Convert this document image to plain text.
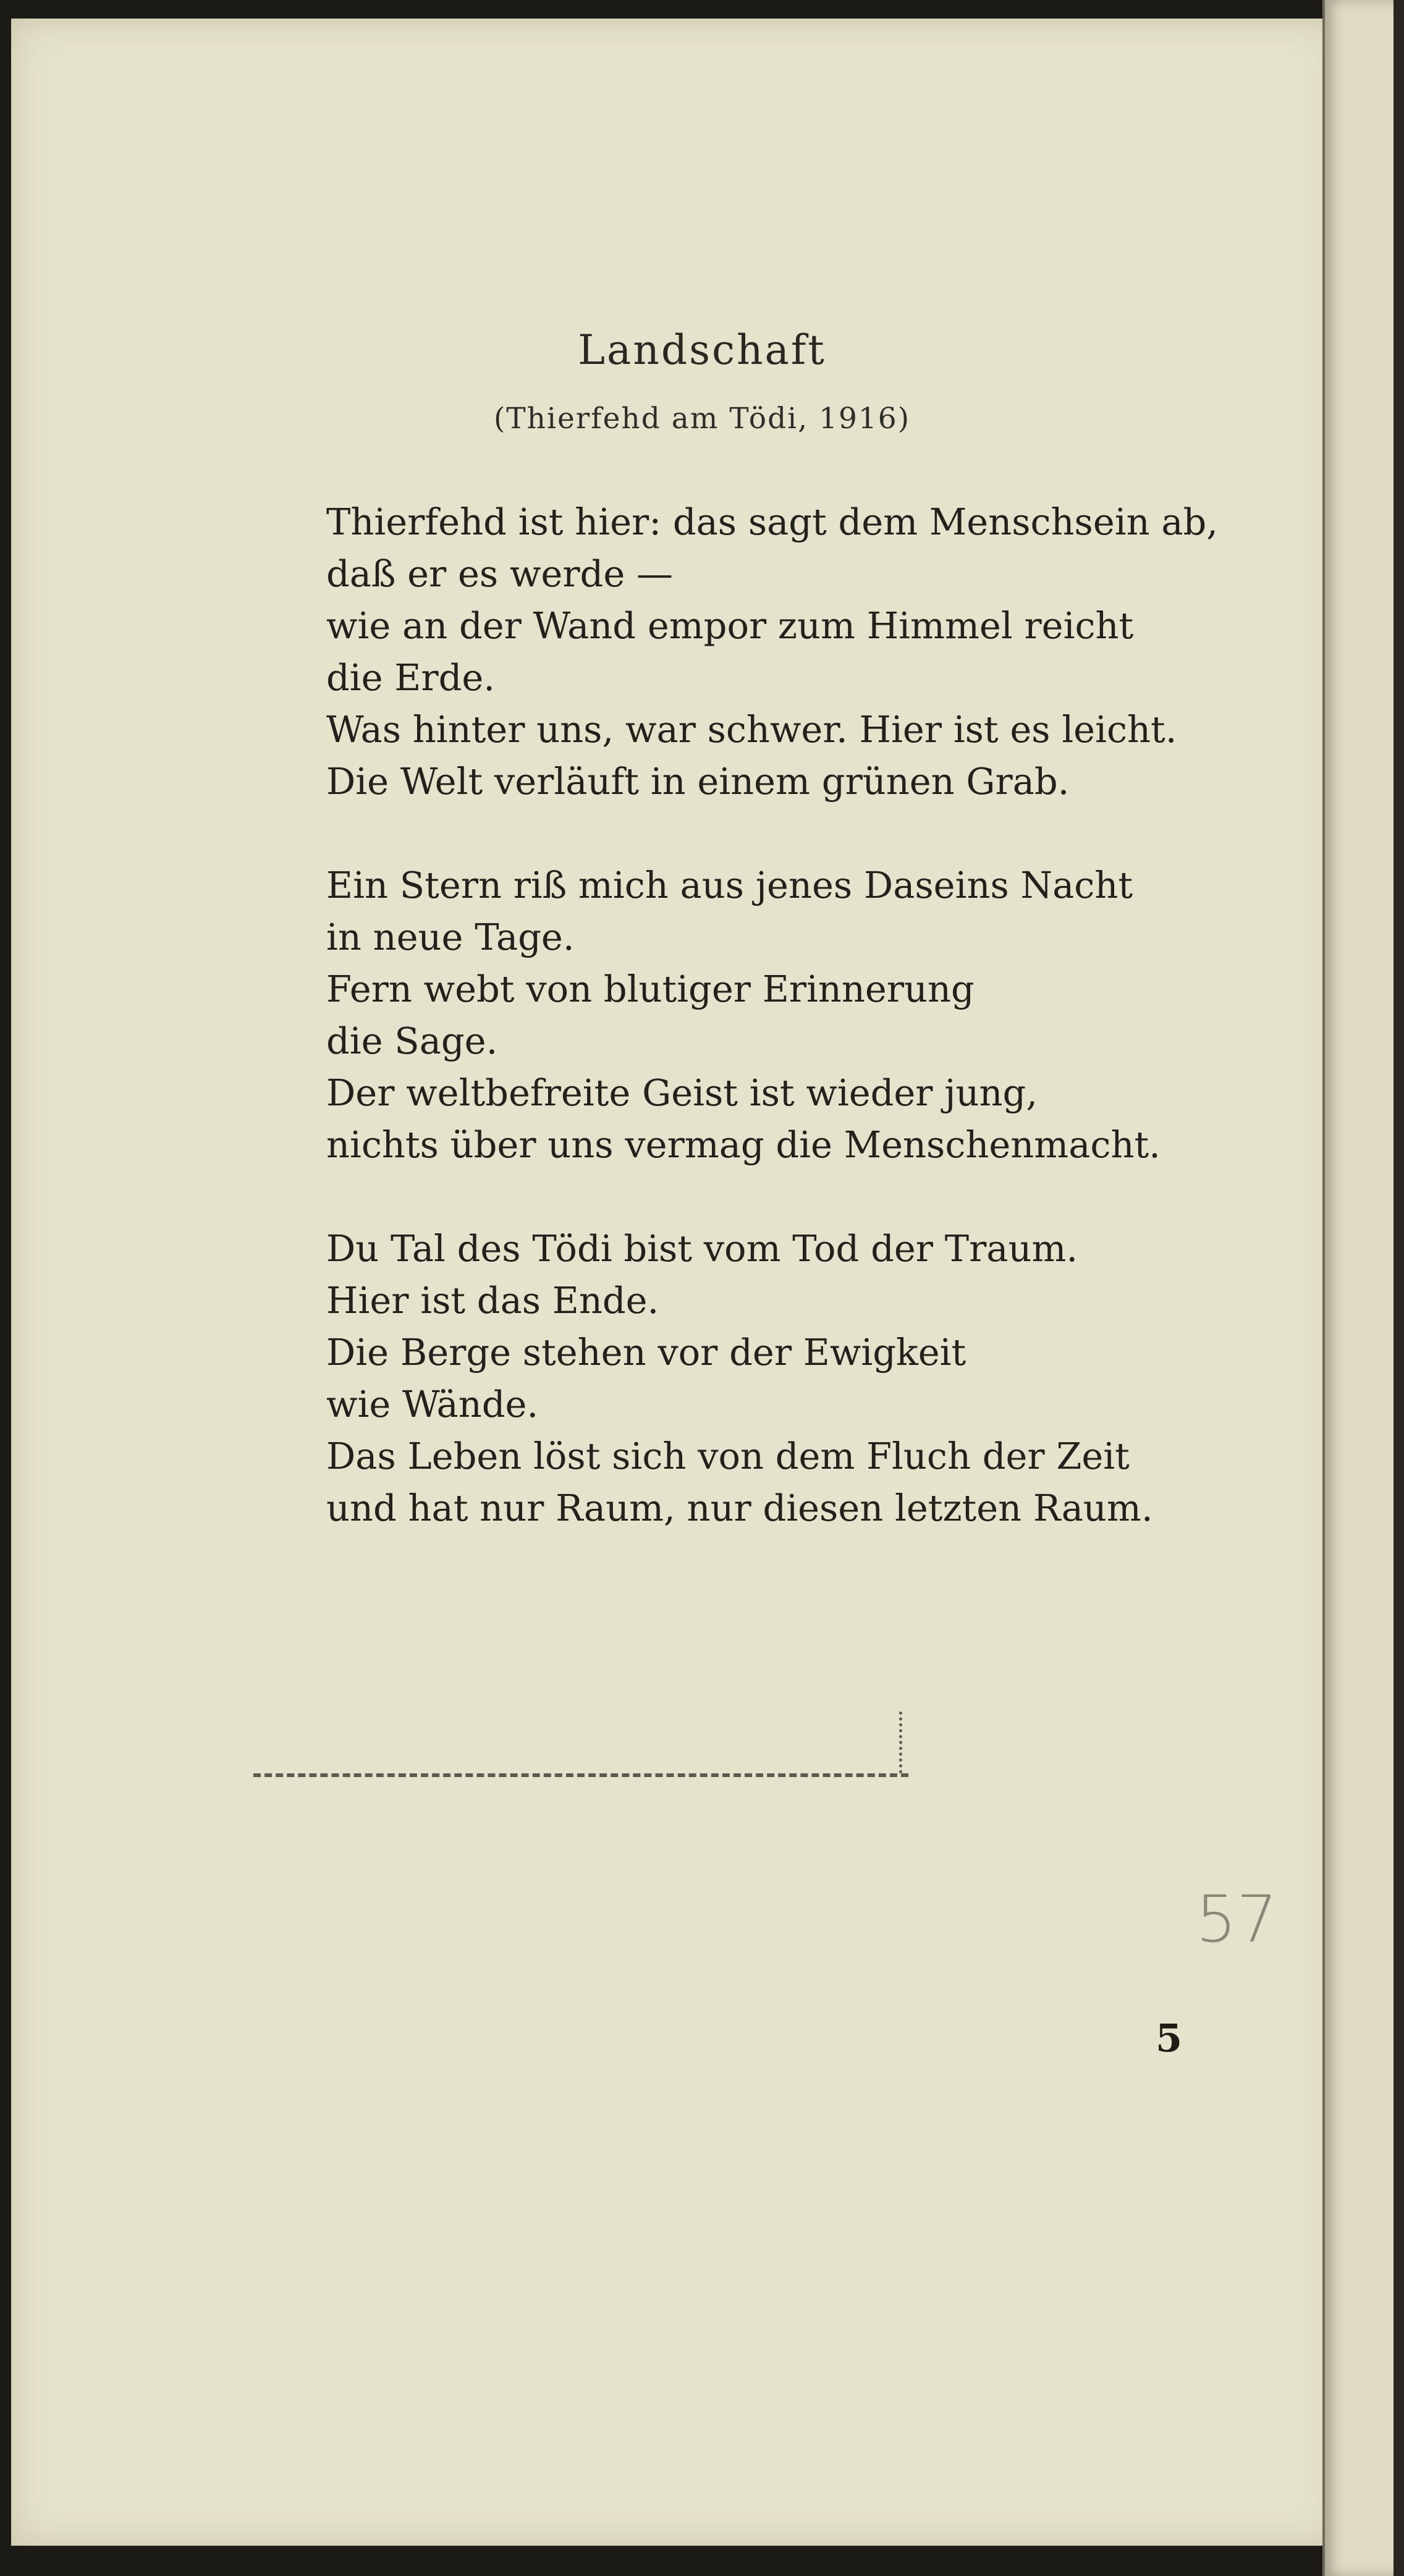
Landschaft
(Thierfehd am Tödi, 1916)
Thierfehd ist hier: das sagt dem Menschsein ab,
daß er es werde —
wie an der Wand empor zum Himmel reicht
die Erde.
Was hinter uns, war schwer. Hier ist es leicht.
Die Welt verläuft in einem grünen Grab.
Ein Stern riß mich aus jenes Daseins Nacht
in neue Tage.
Fern webt von blutiger Erinnerung
die Sage.
Der weltbefreite Geist ist wieder jung,
nichts über uns vermag die Menschenmacht.
Du Tal des Tödi bist vom Tod der Traum.
Hier ist das Ende.
Die Berge stehen vor der Ewigkeit
wie Wände.
Das Leben löst sich von dem Fluch der Zeit
und hat nur Raum, nur diesen letzten Raum.
57
5
